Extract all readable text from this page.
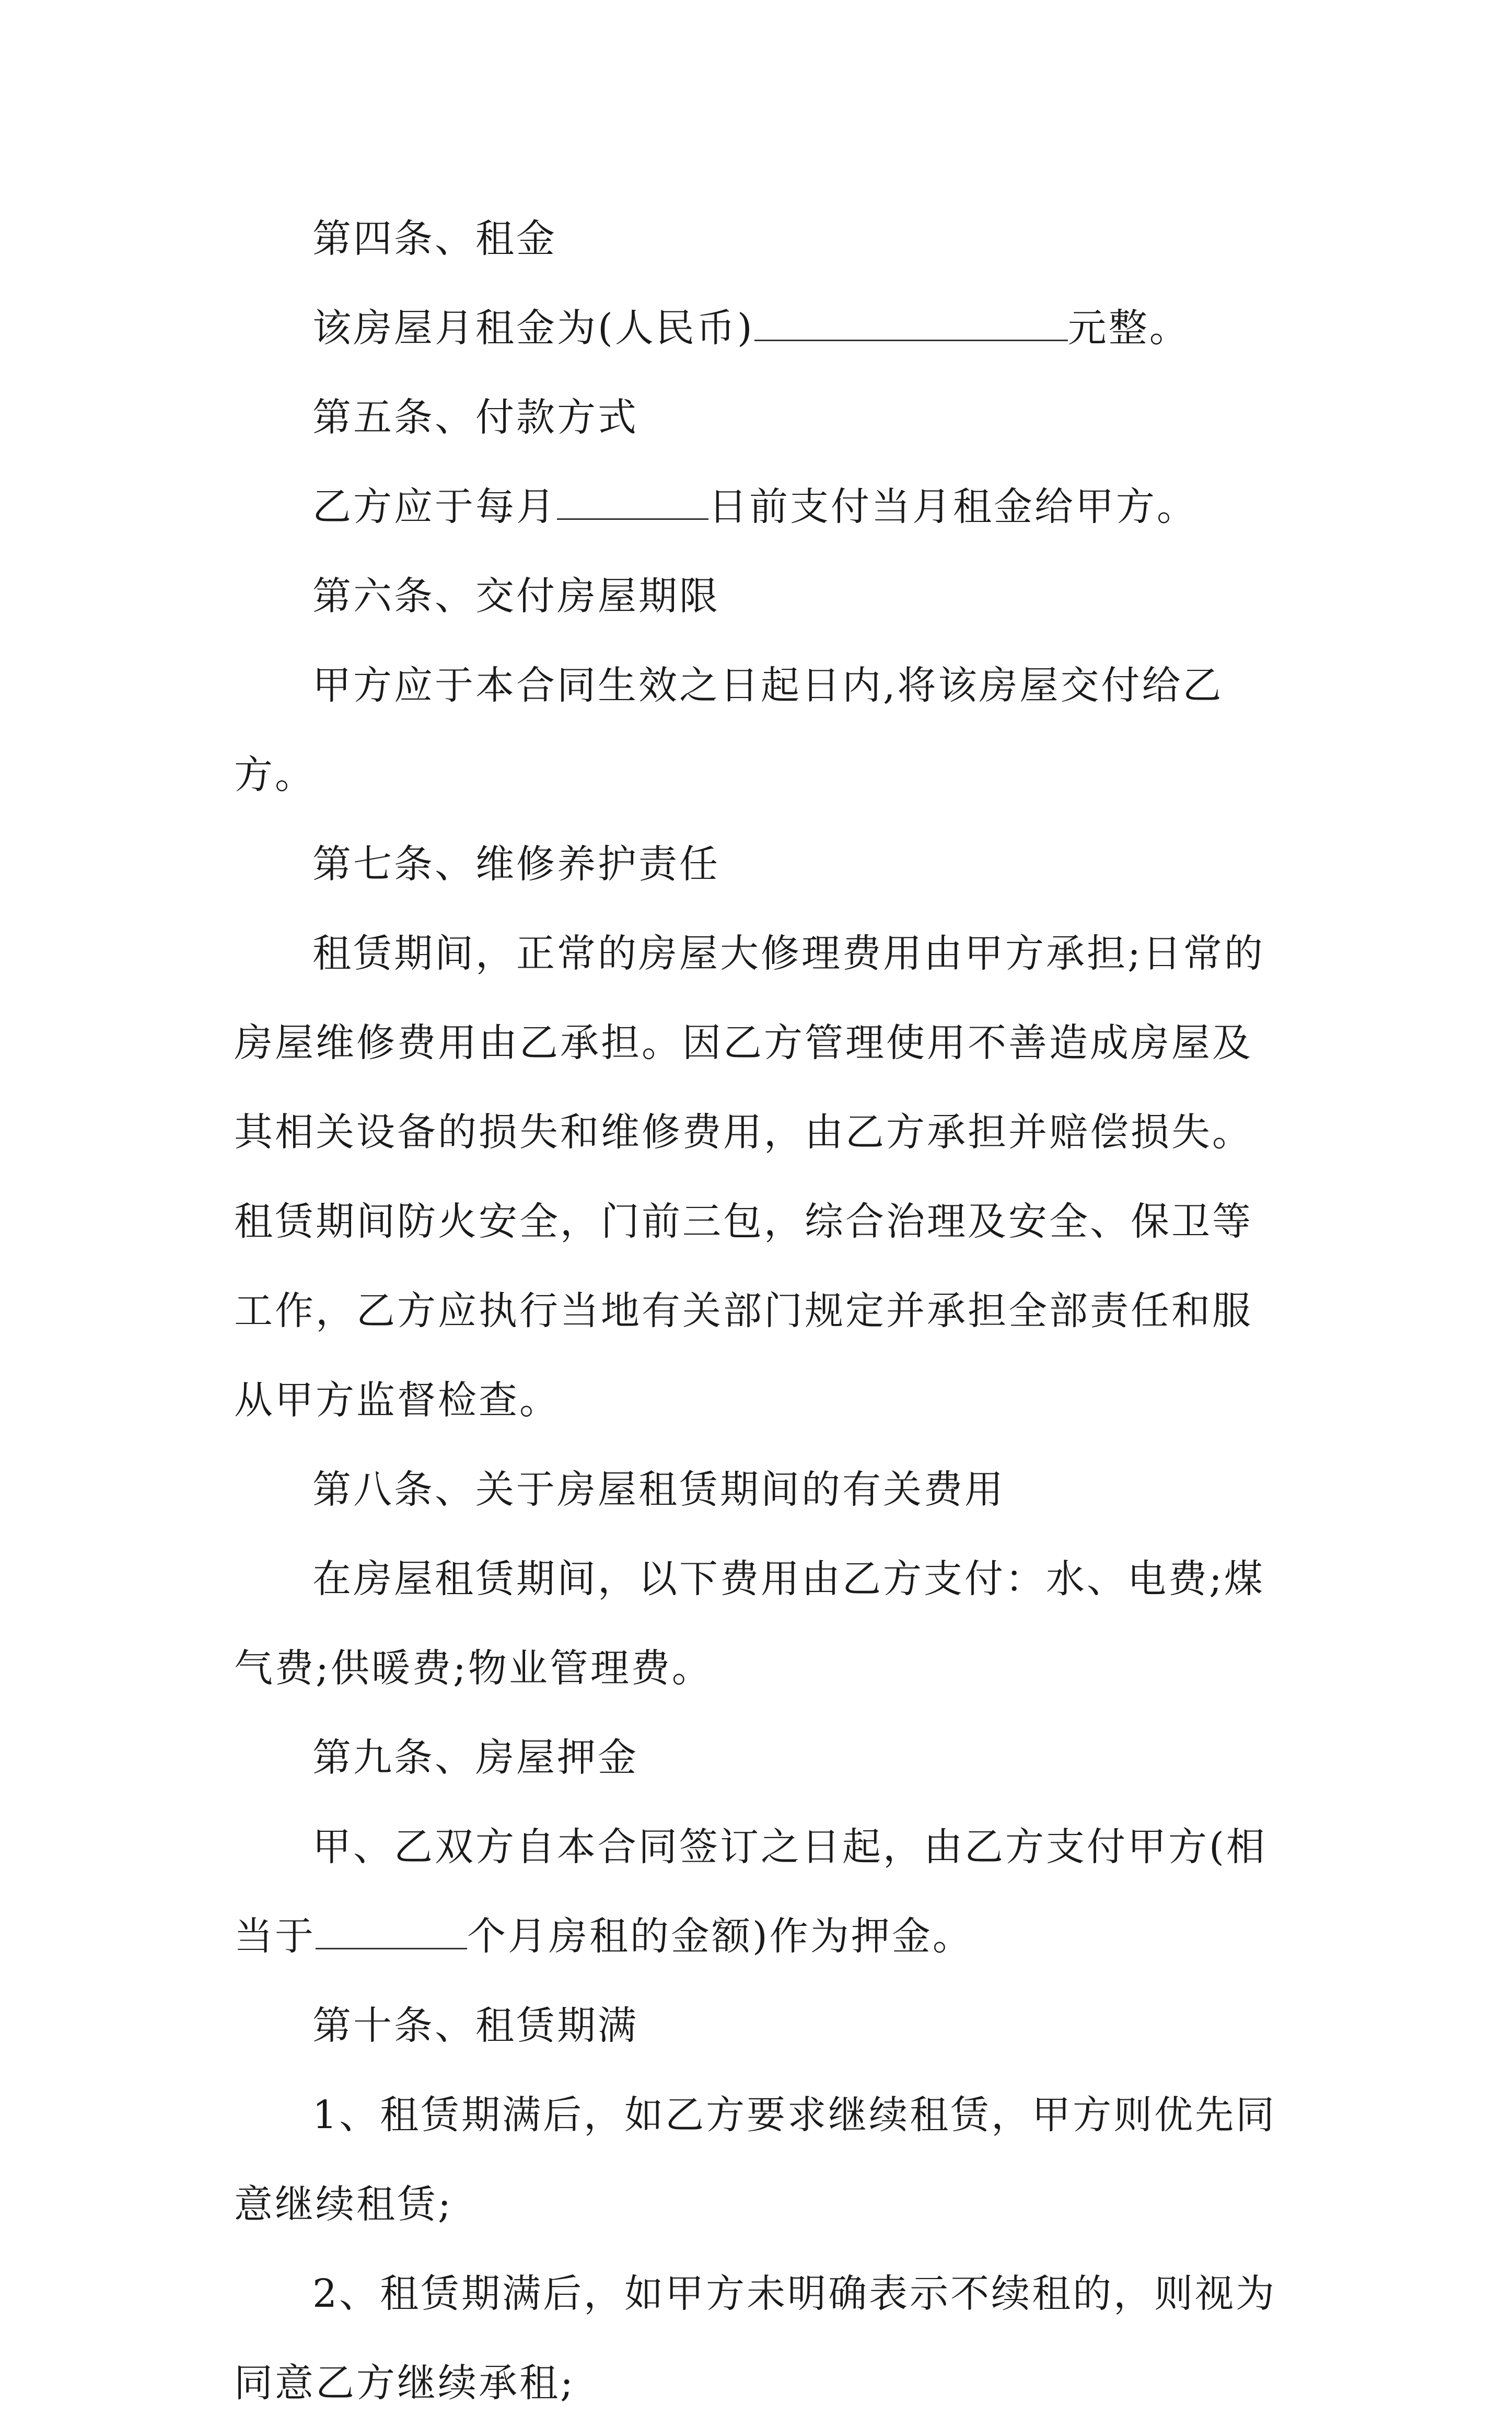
第四条、租金

该房屋月租金为(人民币)	元整。

第五条、付款方式

乙方应于每月	日前支付当月租金给甲方。

第六条、交付房屋期限

甲方应于本合同生效之日起日内,将该房屋交付给乙方。

第七条、维修养护责任

租赁期间，正常的房屋大修理费用由甲方承担;日常的房屋维修费用由乙承担。因乙方管理使用不善造成房屋及其相关设备的损失和维修费用，由乙方承担并赔偿损失。租赁期间防火安全，门前三包，综合治理及安全、保卫等工作，乙方应执行当地有关部门规定并承担全部责任和服从甲方监督检查。

第八条、关于房屋租赁期间的有关费用

在房屋租赁期间，以下费用由乙方支付：水、电费;煤气费;供暖费;物业管理费。

第九条、房屋押金

甲、乙双方自本合同签订之日起，由乙方支付甲方(相当于	个月房租的金额)作为押金。

第十条、租赁期满

1、租赁期满后，如乙方要求继续租赁，甲方则优先同意继续租赁;

2、租赁期满后，如甲方未明确表示不续租的，则视为同意乙方继续承租;
